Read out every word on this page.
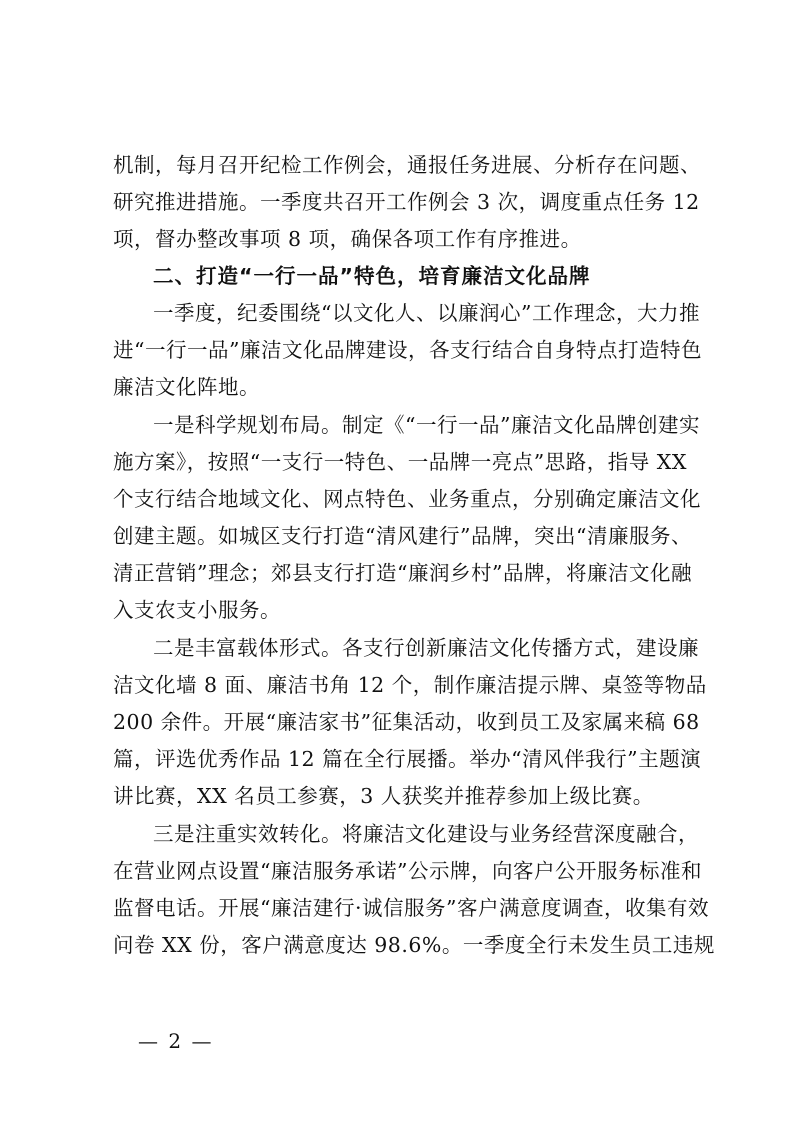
机制，每月召开纪检工作例会，通报任务进展、分析存在问题、
研究推进措施。一季度共召开工作例会 3 次，调度重点任务 12
项，督办整改事项 8 项，确保各项工作有序推进。
二、打造“一行一品”特色，培育廉洁文化品牌
一季度，纪委围绕“以文化人、以廉润心”工作理念，大力推
进“一行一品”廉洁文化品牌建设，各支行结合自身特点打造特色
廉洁文化阵地。
一是科学规划布局。制定《“一行一品”廉洁文化品牌创建实
施方案》，按照“一支行一特色、一品牌一亮点”思路，指导 XX
个支行结合地域文化、网点特色、业务重点，分别确定廉洁文化
创建主题。如城区支行打造“清风建行”品牌，突出“清廉服务、
清正营销”理念；郊县支行打造“廉润乡村”品牌，将廉洁文化融
入支农支小服务。
二是丰富载体形式。各支行创新廉洁文化传播方式，建设廉
洁文化墙 8 面、廉洁书角 12 个，制作廉洁提示牌、桌签等物品
200 余件。开展“廉洁家书”征集活动，收到员工及家属来稿 68
篇，评选优秀作品 12 篇在全行展播。举办“清风伴我行”主题演
讲比赛，XX 名员工参赛，3 人获奖并推荐参加上级比赛。
三是注重实效转化。将廉洁文化建设与业务经营深度融合，
在营业网点设置“廉洁服务承诺”公示牌，向客户公开服务标准和
监督电话。开展“廉洁建行·诚信服务”客户满意度调查，收集有效
问卷 XX 份，客户满意度达 98.6%。一季度全行未发生员工违规
— 2 —
